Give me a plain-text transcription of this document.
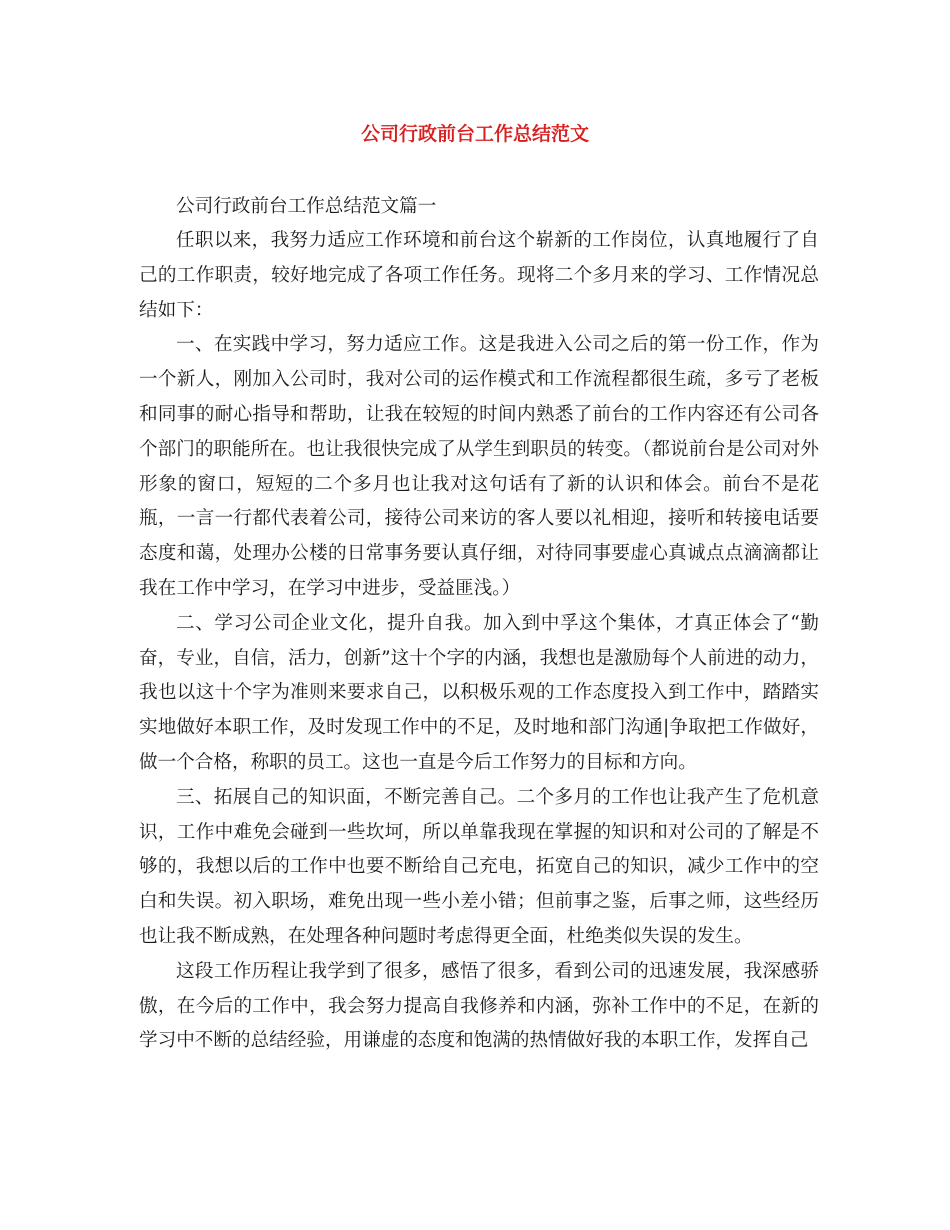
公司行政前台工作总结范文
公司行政前台工作总结范文篇一

任职以来，我努力适应工作环境和前台这个崭新的工作岗位，认真地履行了自己的工作职责，较好地完成了各项工作任务。现将二个多月来的学习、工作情况总结如下：

一、在实践中学习，努力适应工作。这是我进入公司之后的第一份工作，作为一个新人，刚加入公司时，我对公司的运作模式和工作流程都很生疏，多亏了老板和同事的耐心指导和帮助，让我在较短的时间内熟悉了前台的工作内容还有公司各个部门的职能所在。也让我很快完成了从学生到职员的转变。（都说前台是公司对外形象的窗口，短短的二个多月也让我对这句话有了新的认识和体会。前台不是花瓶，一言一行都代表着公司，接待公司来访的客人要以礼相迎，接听和转接电话要态度和蔼，处理办公楼的日常事务要认真仔细，对待同事要虚心真诚点点滴滴都让我在工作中学习，在学习中进步，受益匪浅。）

二、学习公司企业文化，提升自我。加入到中孚这个集体，才真正体会了“勤奋，专业，自信，活力，创新”这十个字的内涵，我想也是激励每个人前进的动力，我也以这十个字为准则来要求自己，以积极乐观的工作态度投入到工作中，踏踏实实地做好本职工作，及时发现工作中的不足，及时地和部门沟通|争取把工作做好，做一个合格，称职的员工。这也一直是今后工作努力的目标和方向。

三、拓展自己的知识面，不断完善自己。二个多月的工作也让我产生了危机意识，工作中难免会碰到一些坎坷，所以单靠我现在掌握的知识和对公司的了解是不够的，我想以后的工作中也要不断给自己充电，拓宽自己的知识，减少工作中的空白和失误。初入职场，难免出现一些小差小错；但前事之鉴，后事之师，这些经历也让我不断成熟，在处理各种问题时考虑得更全面，杜绝类似失误的发生。

这段工作历程让我学到了很多，感悟了很多，看到公司的迅速发展，我深感骄傲，在今后的工作中，我会努力提高自我修养和内涵，弥补工作中的不足，在新的学习中不断的总结经验，用谦虚的态度和饱满的热情做好我的本职工作，发挥自己
